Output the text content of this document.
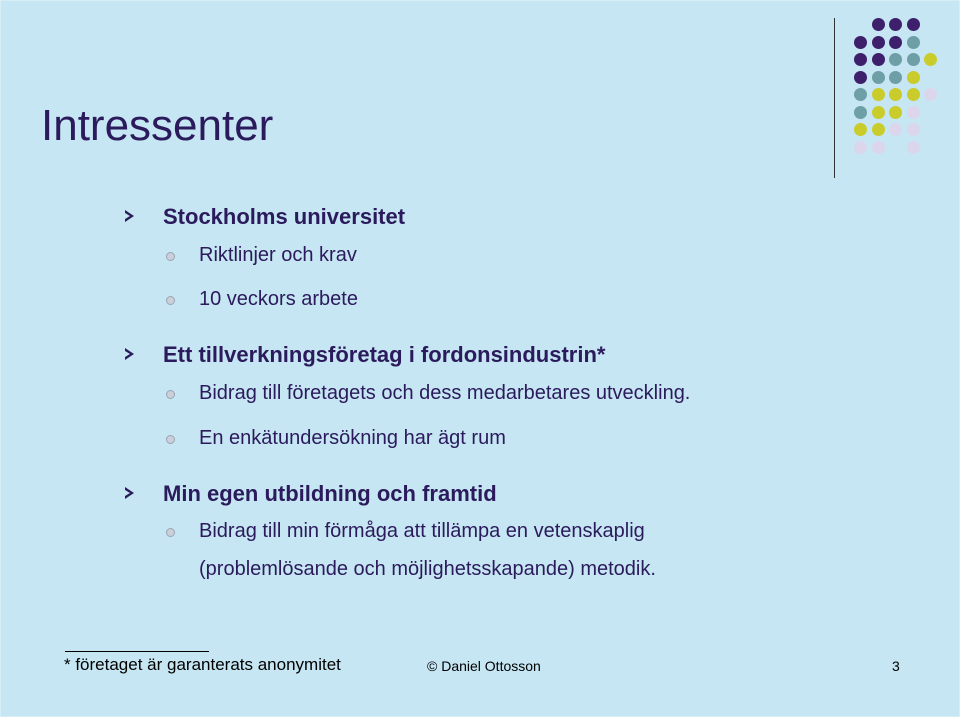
Intressenter
Stockholms universitet
Riktlinjer och krav
10 veckors arbete
Ett tillverkningsföretag i fordonsindustrin*
Bidrag till företagets och dess medarbetares utveckling.
En enkätundersökning har ägt rum
Min egen utbildning och framtid
Bidrag till min förmåga att tillämpa en vetenskaplig
(problemlösande och möjlighetsskapande) metodik.
* företaget är garanterats anonymitet	© Daniel Ottosson	3
